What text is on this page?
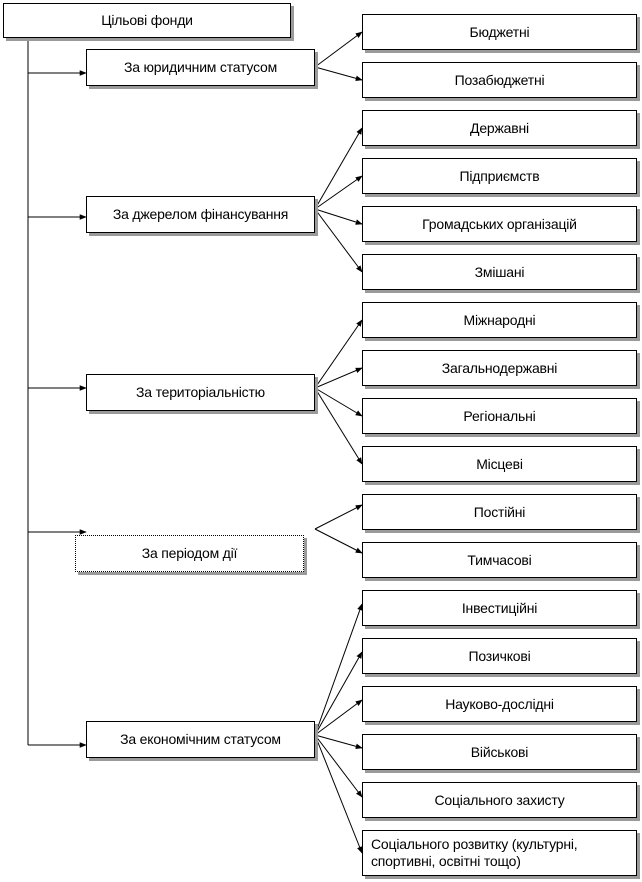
Цільові фонди
За юридичним статусом
За джерелом фінансування
За територіальністю
За періодом дії
За економічним статусом
Бюджетні
Позабюджетні
Державні
Підприємств
Громадських організацій
Змішані
Міжнародні
Загальнодержавні
Регіональні
Місцеві
Постійні
Тимчасові
Інвестиційні
Позичкові
Науково-дослідні
Військові
Соціального захисту
Соціального розвитку (культурні,
спортивні, освітні тощо)
